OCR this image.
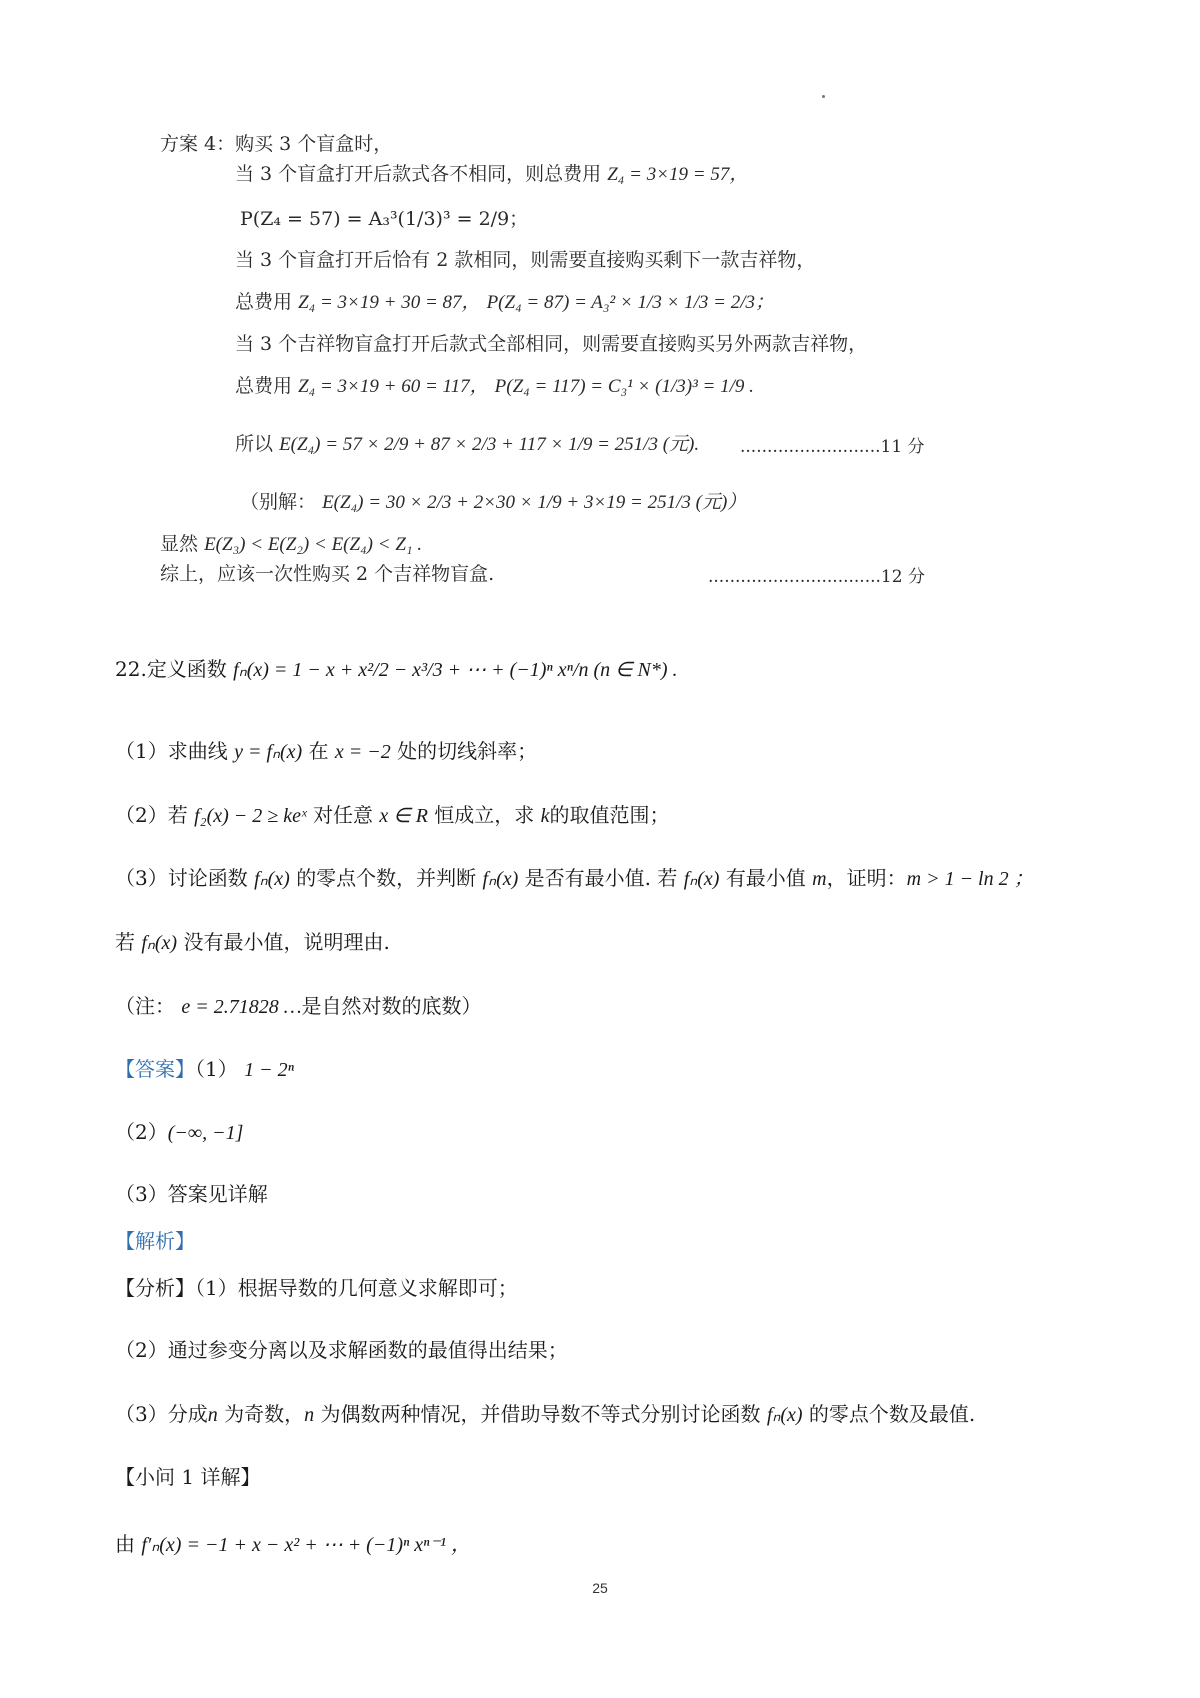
方案 4：购买 3 个盲盒时，
当 3 个盲盒打开后款式各不相同，则总费用 Z₄ = 3×19 = 57，
P(Z₄ = 57) = A₃³(1/3)³ = 2/9；
当 3 个盲盒打开后恰有 2 款相同，则需要直接购买剩下一款吉祥物，
总费用 Z₄ = 3×19 + 30 = 87， P(Z₄ = 87) = A₃² × 1/3 × 1/3 = 2/3；
当 3 个吉祥物盲盒打开后款式全部相同，则需要直接购买另外两款吉祥物，
总费用 Z₄ = 3×19 + 60 = 117， P(Z₄ = 117) = C₃¹ × (1/3)³ = 1/9 .
所以 E(Z₄) = 57 × 2/9 + 87 × 2/3 + 117 × 1/9 = 251/3 (元). ..........................11 分
（别解： E(Z₄) = 30 × 2/3 + 2×30 × 1/9 + 3×19 = 251/3 (元)）
显然 E(Z₃) < E(Z₂) < E(Z₄) < Z₁ .
综上，应该一次性购买 2 个吉祥物盲盒.	................................12 分
22.定义函数 fₙ(x) = 1 − x + x²/2 − x³/3 + ⋯ + (−1)ⁿ xⁿ/n (n ∈ N*) .
（1）求曲线 y = fₙ(x) 在 x = −2 处的切线斜率；
（2）若 f₂(x) − 2 ≥ keˣ 对任意 x ∈ R 恒成立，求 k的取值范围；
（3）讨论函数 fₙ(x) 的零点个数，并判断 fₙ(x) 是否有最小值. 若 fₙ(x) 有最小值 m，证明：m > 1 − ln 2 ；
若 fₙ(x) 没有最小值，说明理由.
（注： e = 2.71828 …是自然对数的底数）
【答案】（1） 1 − 2ⁿ
（2）(−∞, −1]
（3）答案见详解
【解析】
【分析】（1）根据导数的几何意义求解即可；
（2）通过参变分离以及求解函数的最值得出结果；
（3）分成n 为奇数，n 为偶数两种情况，并借助导数不等式分别讨论函数 fₙ(x) 的零点个数及最值.
【小问 1 详解】
由 f′ₙ(x) = −1 + x − x² + ⋯ + (−1)ⁿ xⁿ⁻¹ ，
25
